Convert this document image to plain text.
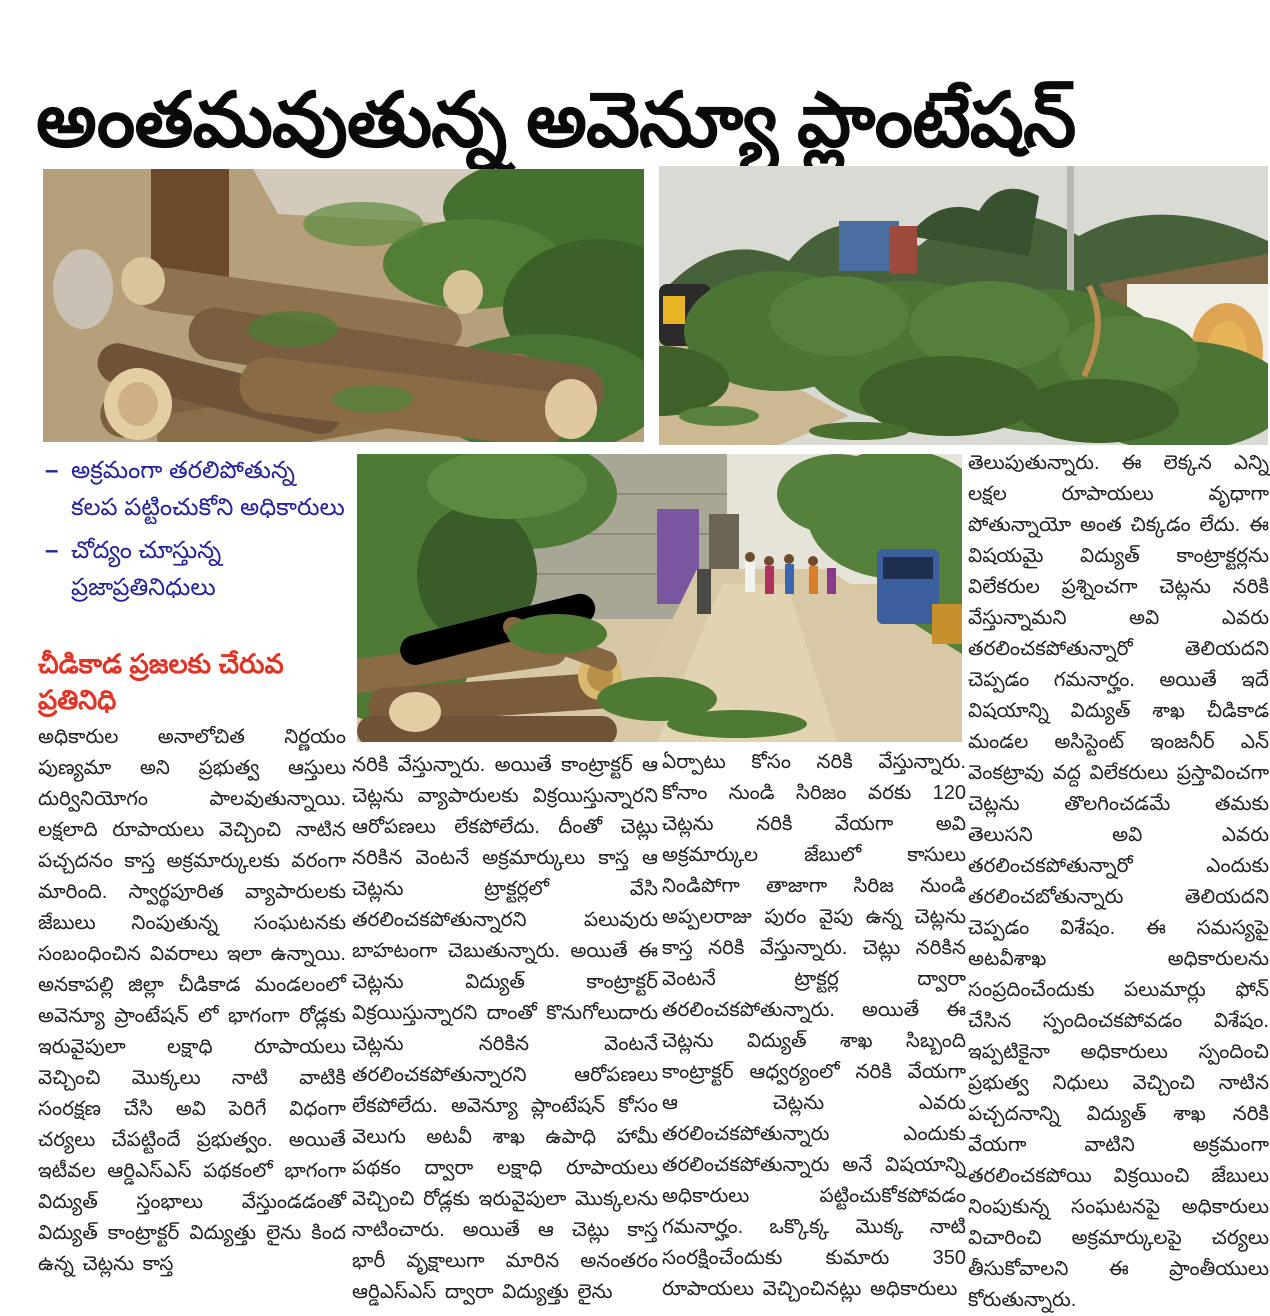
అంతమవుతున్న అవెన్యూ ప్లాంటేషన్
– అక్రమంగా తరలిపోతున్న కలప పట్టించుకోని అధికారులు
– చోద్యం చూస్తున్న ప్రజాప్రతినిధులు
చీడికాడ ప్రజలకు చేరువ ప్రతినిధి
అధికారుల అనాలోచిత నిర్ణయం పుణ్యమా అని ప్రభుత్వ ఆస్తులు దుర్వినియోగం పాలవుతున్నాయి. లక్షలాది రూపాయలు వెచ్చించి నాటిన పచ్చదనం కాస్త అక్రమార్కులకు వరంగా మారింది. స్వార్థపూరిత వ్యాపారులకు జేబులు నింపుతున్న సంఘటనకు సంబంధించిన వివరాలు ఇలా ఉన్నాయి. అనకాపల్లి జిల్లా చీడికాడ మండలంలో అవెన్యూ ప్రాంటేషన్ లో భాగంగా రోడ్లకు ఇరువైపులా లక్షాధి రూపాయలు వెచ్చించి మొక్కలు నాటి వాటికి సంరక్షణ చేసి అవి పెరిగే విధంగా చర్యలు చేపట్టిందే ప్రభుత్వం. అయితే ఇటీవల ఆర్డిఎస్ఎస్ పథకంలో భాగంగా విద్యుత్ స్తంభాలు వేస్తుండడంతో విద్యుత్ కాంట్రాక్టర్ విద్యుత్తు లైను కింద ఉన్న చెట్లను కాస్త
నరికి వేస్తున్నారు. అయితే కాంట్రాక్టర్ ఆ చెట్లను వ్యాపారులకు విక్రయిస్తున్నారని ఆరోపణలు లేకపోలేదు. దీంతో చెట్లు నరికిన వెంటనే అక్రమార్కులు కాస్త ఆ చెట్లను ట్రాక్టర్లలో వేసి తరలించకపోతున్నారని పలువురు బాహటంగా చెబుతున్నారు. అయితే ఈ చెట్లను విద్యుత్ కాంట్రాక్టర్ విక్రయిస్తున్నారని దాంతో కొనుగోలుదారు చెట్లను నరికిన వెంటనే తరలించకపోతున్నారని ఆరోపణలు లేకపోలేదు. అవెన్యూ ప్లాంటేషన్ కోసం వెలుగు అటవీ శాఖ ఉపాధి హామీ పథకం ద్వారా లక్షాధి రూపాయలు వెచ్చించి రోడ్లకు ఇరువైపులా మొక్కలను నాటించారు. అయితే ఆ చెట్లు కాస్త భారీ వృక్షాలుగా మారిన అనంతరం ఆర్డిఎస్ఎస్ ద్వారా విద్యుత్తు లైను
ఏర్పాటు కోసం నరికి వేస్తున్నారు. కోనాం నుండి సిరిజం వరకు 120 చెట్లను నరికి వేయగా అవి అక్రమార్కుల జేబులో కాసులు నిండిపోగా తాజాగా సిరిజ నుండి అప్పలరాజు పురం వైపు ఉన్న చెట్లను కాస్త నరికి వేస్తున్నారు. చెట్లు నరికిన వెంటనే ట్రాక్టర్ల ద్వారా తరలించకపోతున్నారు. అయితే ఈ చెట్లను విద్యుత్ శాఖ సిబ్బంది కాంట్రాక్టర్ ఆధ్వర్యంలో నరికి వేయగా ఆ చెట్లను ఎవరు తరలించకపోతున్నారు ఎందుకు తరలించకపోతున్నారు అనే విషయాన్ని అధికారులు పట్టించుకోకపోవడం గమనార్హం. ఒక్కొక్క మొక్క నాటి సంరక్షించేందుకు కుమారు 350 రూపాయలు వెచ్చించినట్లు అధికారులు
తెలుపుతున్నారు. ఈ లెక్కన ఎన్ని లక్షల రూపాయలు వృధాగా పోతున్నాయో అంత చిక్కడం లేదు. ఈ విషయమై విద్యుత్ కాంట్రాక్టర్లను విలేకరుల ప్రశ్నించగా చెట్లను నరికి వేస్తున్నామని అవి ఎవరు తరలించకపోతున్నారో తెలియదని చెప్పడం గమనార్హం. అయితే ఇదే విషయాన్ని విద్యుత్ శాఖ చీడికాడ మండల అసిస్టెంట్ ఇంజనీర్ ఎన్ వెంకట్రావు వద్ద విలేకరులు ప్రస్తావించగా చెట్లను తొలగించడమే తమకు తెలుసని అవి ఎవరు తరలించకపోతున్నారో ఎందుకు తరలించబోతున్నారు తెలియదని చెప్పడం విశేషం. ఈ సమస్యపై అటవీశాఖ అధికారులను సంప్రదించేందుకు పలుమార్లు ఫోన్ చేసిన స్పందించకపోవడం విశేషం. ఇప్పటికైనా అధికారులు స్పందించి ప్రభుత్వ నిధులు వెచ్చించి నాటిన పచ్చదనాన్ని విద్యుత్ శాఖ నరికి వేయగా వాటిని అక్రమంగా తరలించకపోయి విక్రయించి జేబులు నింపుకున్న సంఘటనపై అధికారులు విచారించి అక్రమార్కులపై చర్యలు తీసుకోవాలని ఈ ప్రాంతీయులు కోరుతున్నారు.
